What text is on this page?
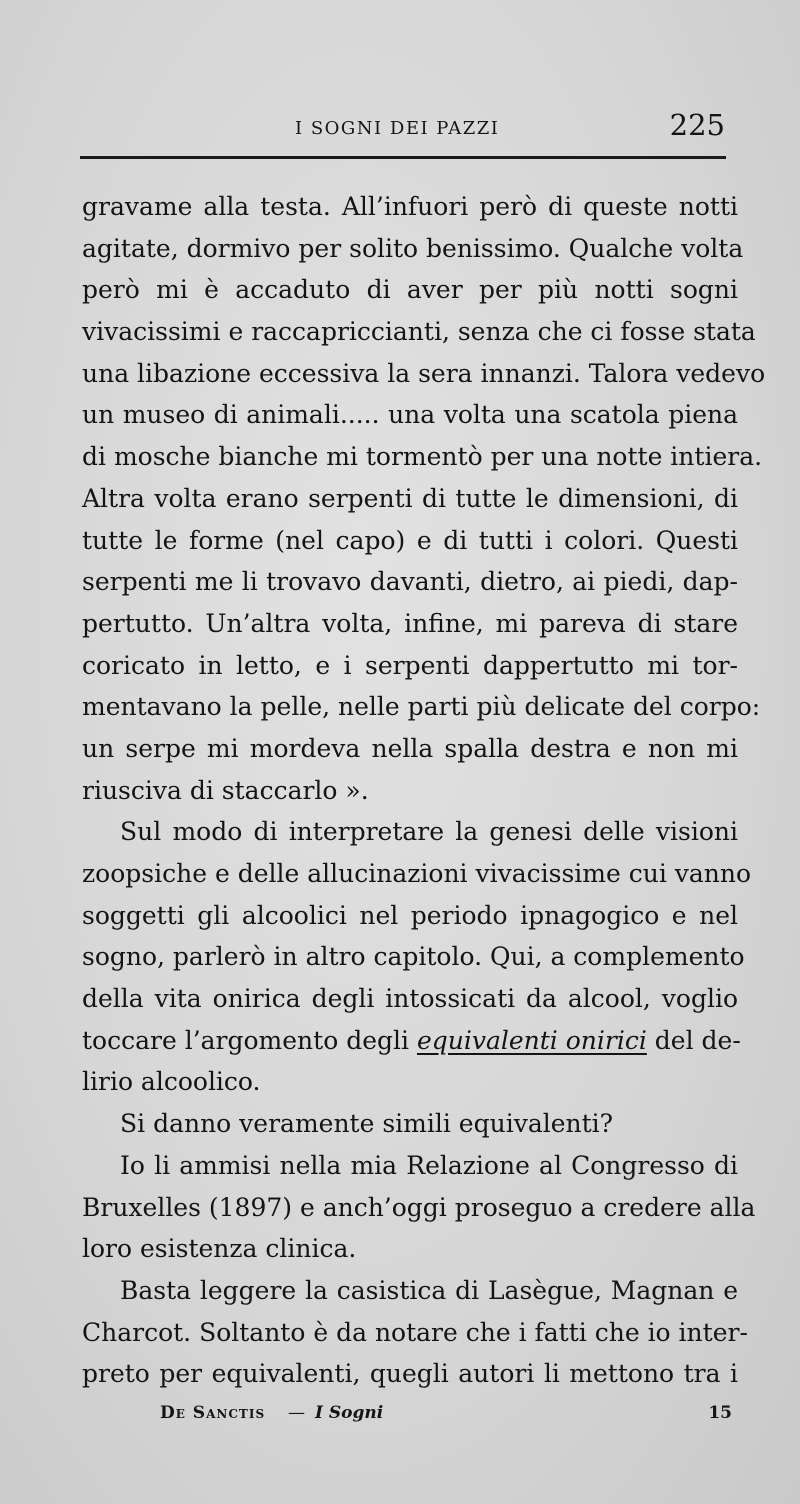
I SOGNI DEI PAZZI	225
gravame alla testa. All’infuori però di queste notti
agitate, dormivo per solito benissimo. Qualche volta
però mi è accaduto di aver per più notti sogni
vivacissimi e raccapriccianti, senza che ci fosse stata
una libazione eccessiva la sera innanzi. Talora vedevo
un museo di animali..... una volta una scatola piena
di mosche bianche mi tormentò per una notte intiera.
Altra volta erano serpenti di tutte le dimensioni, di
tutte le forme (nel capo) e di tutti i colori. Questi
serpenti me li trovavo davanti, dietro, ai piedi, dap-
pertutto. Un’altra volta, infine, mi pareva di stare
coricato in letto, e i serpenti dappertutto mi tor-
mentavano la pelle, nelle parti più delicate del corpo:
un serpe mi mordeva nella spalla destra e non mi
riusciva di staccarlo ».
Sul modo di interpretare la genesi delle visioni
zoopsiche e delle allucinazioni vivacissime cui vanno
soggetti gli alcoolici nel periodo ipnagogico e nel
sogno, parlerò in altro capitolo. Qui, a complemento
della vita onirica degli intossicati da alcool, voglio
toccare l’argomento degli equivalenti onirici del de-
lirio alcoolico.
Si danno veramente simili equivalenti?
Io li ammisi nella mia Relazione al Congresso di
Bruxelles (1897) e anch’oggi proseguo a credere alla
loro esistenza clinica.
Basta leggere la casistica di Lasègue, Magnan e
Charcot. Soltanto è da notare che i fatti che io inter-
preto per equivalenti, quegli autori li mettono tra i
De Sanctis — I Sogni	15
